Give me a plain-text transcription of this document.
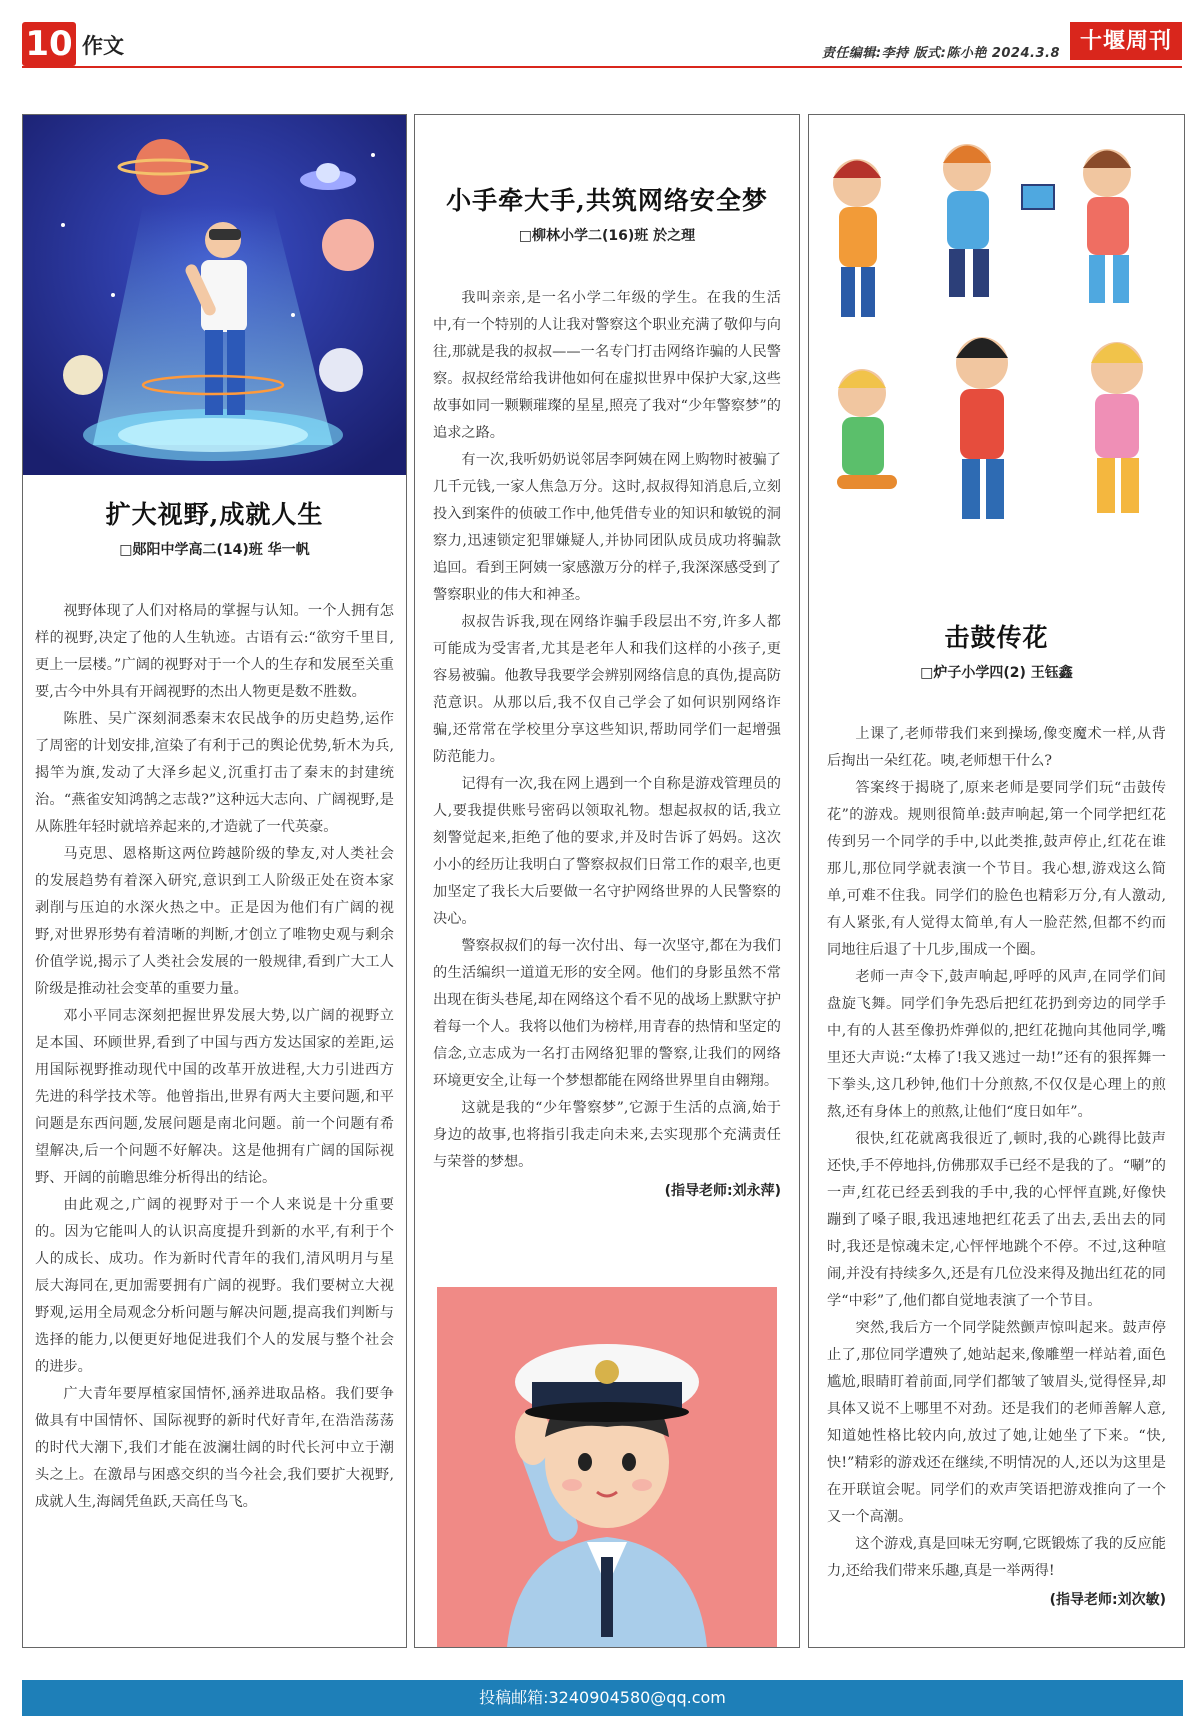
10 作文	责任编辑:李持 版式:陈小艳 2024.3.8 十堰周刊
扩大视野,成就人生
□郧阳中学高二(14)班 华一帆

视野体现了人们对格局的掌握与认知。一个人拥有怎样的视野,决定了他的人生轨迹。古语有云:“欲穷千里目,更上一层楼。”广阔的视野对于一个人的生存和发展至关重要,古今中外具有开阔视野的杰出人物更是数不胜数。

陈胜、吴广深刻洞悉秦末农民战争的历史趋势,运作了周密的计划安排,渲染了有利于己的舆论优势,斩木为兵,揭竿为旗,发动了大泽乡起义,沉重打击了秦末的封建统治。“燕雀安知鸿鹄之志哉?”这种远大志向、广阔视野,是从陈胜年轻时就培养起来的,才造就了一代英豪。

马克思、恩格斯这两位跨越阶级的挚友,对人类社会的发展趋势有着深入研究,意识到工人阶级正处在资本家剥削与压迫的水深火热之中。正是因为他们有广阔的视野,对世界形势有着清晰的判断,才创立了唯物史观与剩余价值学说,揭示了人类社会发展的一般规律,看到广大工人阶级是推动社会变革的重要力量。

邓小平同志深刻把握世界发展大势,以广阔的视野立足本国、环顾世界,看到了中国与西方发达国家的差距,运用国际视野推动现代中国的改革开放进程,大力引进西方先进的科学技术等。他曾指出,世界有两大主要问题,和平问题是东西问题,发展问题是南北问题。前一个问题有希望解决,后一个问题不好解决。这是他拥有广阔的国际视野、开阔的前瞻思维分析得出的结论。

由此观之,广阔的视野对于一个人来说是十分重要的。因为它能叫人的认识高度提升到新的水平,有利于个人的成长、成功。作为新时代青年的我们,清风明月与星辰大海同在,更加需要拥有广阔的视野。我们要树立大视野观,运用全局观念分析问题与解决问题,提高我们判断与选择的能力,以便更好地促进我们个人的发展与整个社会的进步。

广大青年要厚植家国情怀,涵养进取品格。我们要争做具有中国情怀、国际视野的新时代好青年,在浩浩荡荡的时代大潮下,我们才能在波澜壮阔的时代长河中立于潮头之上。在激昂与困惑交织的当今社会,我们要扩大视野,成就人生,海阔凭鱼跃,天高任鸟飞。

小手牵大手,共筑网络安全梦
□柳林小学二(16)班 於之理

我叫亲亲,是一名小学二年级的学生。在我的生活中,有一个特别的人让我对警察这个职业充满了敬仰与向往,那就是我的叔叔——一名专门打击网络诈骗的人民警察。叔叔经常给我讲他如何在虚拟世界中保护大家,这些故事如同一颗颗璀璨的星星,照亮了我对“少年警察梦”的追求之路。

有一次,我听奶奶说邻居李阿姨在网上购物时被骗了几千元钱,一家人焦急万分。这时,叔叔得知消息后,立刻投入到案件的侦破工作中,他凭借专业的知识和敏锐的洞察力,迅速锁定犯罪嫌疑人,并协同团队成员成功将骗款追回。看到王阿姨一家感激万分的样子,我深深感受到了警察职业的伟大和神圣。

叔叔告诉我,现在网络诈骗手段层出不穷,许多人都可能成为受害者,尤其是老年人和我们这样的小孩子,更容易被骗。他教导我要学会辨别网络信息的真伪,提高防范意识。从那以后,我不仅自己学会了如何识别网络诈骗,还常常在学校里分享这些知识,帮助同学们一起增强防范能力。

记得有一次,我在网上遇到一个自称是游戏管理员的人,要我提供账号密码以领取礼物。想起叔叔的话,我立刻警觉起来,拒绝了他的要求,并及时告诉了妈妈。这次小小的经历让我明白了警察叔叔们日常工作的艰辛,也更加坚定了我长大后要做一名守护网络世界的人民警察的决心。

警察叔叔们的每一次付出、每一次坚守,都在为我们的生活编织一道道无形的安全网。他们的身影虽然不常出现在街头巷尾,却在网络这个看不见的战场上默默守护着每一个人。我将以他们为榜样,用青春的热情和坚定的信念,立志成为一名打击网络犯罪的警察,让我们的网络环境更安全,让每一个梦想都能在网络世界里自由翱翔。

这就是我的“少年警察梦”,它源于生活的点滴,始于身边的故事,也将指引我走向未来,去实现那个充满责任与荣誉的梦想。

(指导老师:刘永萍)
击鼓传花
□炉子小学四(2) 王钰鑫

上课了,老师带我们来到操场,像变魔术一样,从背后掏出一朵红花。咦,老师想干什么?

答案终于揭晓了,原来老师是要同学们玩“击鼓传花”的游戏。规则很简单:鼓声响起,第一个同学把红花传到另一个同学的手中,以此类推,鼓声停止,红花在谁那儿,那位同学就表演一个节目。我心想,游戏这么简单,可难不住我。同学们的脸色也精彩万分,有人激动,有人紧张,有人觉得太简单,有人一脸茫然,但都不约而同地往后退了十几步,围成一个圈。

老师一声令下,鼓声响起,呼呼的风声,在同学们间盘旋飞舞。同学们争先恐后把红花扔到旁边的同学手中,有的人甚至像扔炸弹似的,把红花抛向其他同学,嘴里还大声说:“太棒了!我又逃过一劫!”还有的狠挥舞一下拳头,这几秒钟,他们十分煎熬,不仅仅是心理上的煎熬,还有身体上的煎熬,让他们“度日如年”。

很快,红花就离我很近了,顿时,我的心跳得比鼓声还快,手不停地抖,仿佛那双手已经不是我的了。“唰”的一声,红花已经丢到我的手中,我的心怦怦直跳,好像快蹦到了嗓子眼,我迅速地把红花丢了出去,丢出去的同时,我还是惊魂未定,心怦怦地跳个不停。不过,这种喧闹,并没有持续多久,还是有几位没来得及抛出红花的同学“中彩”了,他们都自觉地表演了一个节目。

突然,我后方一个同学陡然颤声惊叫起来。鼓声停止了,那位同学遭殃了,她站起来,像雕塑一样站着,面色尴尬,眼睛盯着前面,同学们都皱了皱眉头,觉得怪异,却具体又说不上哪里不对劲。还是我们的老师善解人意,知道她性格比较内向,放过了她,让她坐了下来。“快,快!”精彩的游戏还在继续,不明情况的人,还以为这里是在开联谊会呢。同学们的欢声笑语把游戏推向了一个又一个高潮。

这个游戏,真是回味无穷啊,它既锻炼了我的反应能力,还给我们带来乐趣,真是一举两得!

(指导老师:刘次敏)
投稿邮箱:3240904580@qq.com
